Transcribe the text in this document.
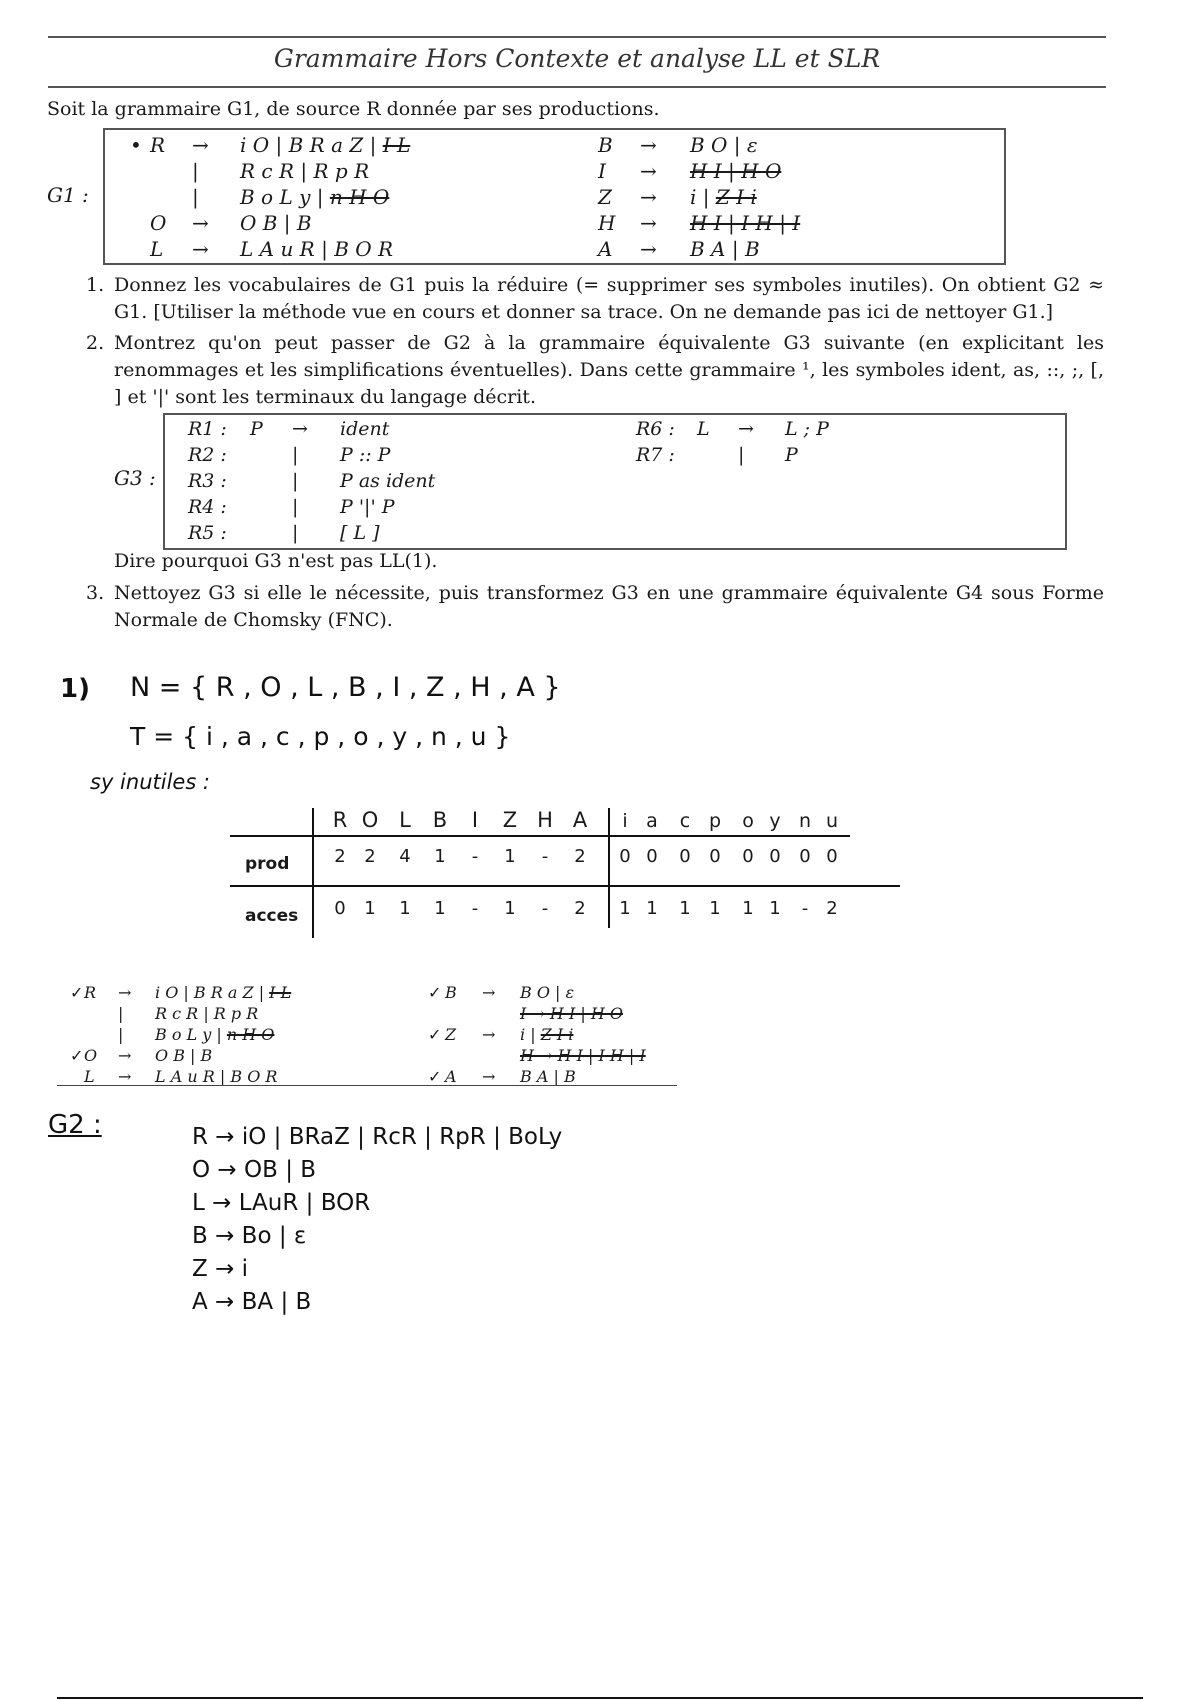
Grammaire Hors Contexte et analyse LL et SLR
Soit la grammaire G1, de source R donnée par ses productions.
G1 :
• R → i O | B R a Z | I L
| R c R | R p R
| B o L y | n H O
O → O B | B
L → L A u R | B O R
B → B O | ε
I → H I | H O
Z → i | Z I i
H → H I | I H | I
A → B A | B
1. Donnez les vocabulaires de G1 puis la réduire (= supprimer ses symboles inutiles). On obtient G2 ≈ G1. [Utiliser la méthode vue en cours et donner sa trace. On ne demande pas ici de nettoyer G1.]
2. Montrez qu'on peut passer de G2 à la grammaire équivalente G3 suivante (en explicitant les renommages et les simplifications éventuelles). Dans cette grammaire ¹, les symboles ident, as, ::, ;, [, ] et '|' sont les terminaux du langage décrit.
G3 :
R1 : P → ident
R2 :	| P :: P
R3 :	| P as ident
R4 :	| P '|' P
R5 :	| [ L ]
R6 : L → L ; P
R7 :	| P
Dire pourquoi G3 n'est pas LL(1).
3. Nettoyez G3 si elle le nécessite, puis transformez G3 en une grammaire équivalente G4 sous Forme Normale de Chomsky (FNC).
1) N = { R , O , L , B , I , Z , H , A }
T = { i , a , c , p , o , y , n , u }
sy inutiles :
R O L B	I	Z H A	i a c p o y n u
prod	2 2 4 1	-	1	-	2 0 0 0 0 0 0 0 0
acces	0 1 1 1	-	1	-	2 1 1 1 1 1 1	-	2
✓ R → i O | B R a Z | I L
| R c R | R p R
| B o L y | n H O
✓ O → O B | B
L → L A u R | B O R
✓ B → B O | ε
I → H I | H O
✓ Z → i | Z I i
H → H I | I H | I
✓ A → B A | B
G2 :	R → iO | BRaZ | RcR | RpR | BoLy
O → OB | B
L → LAuR | BOR
B → Bo | ε
Z → i
A → BA | B
